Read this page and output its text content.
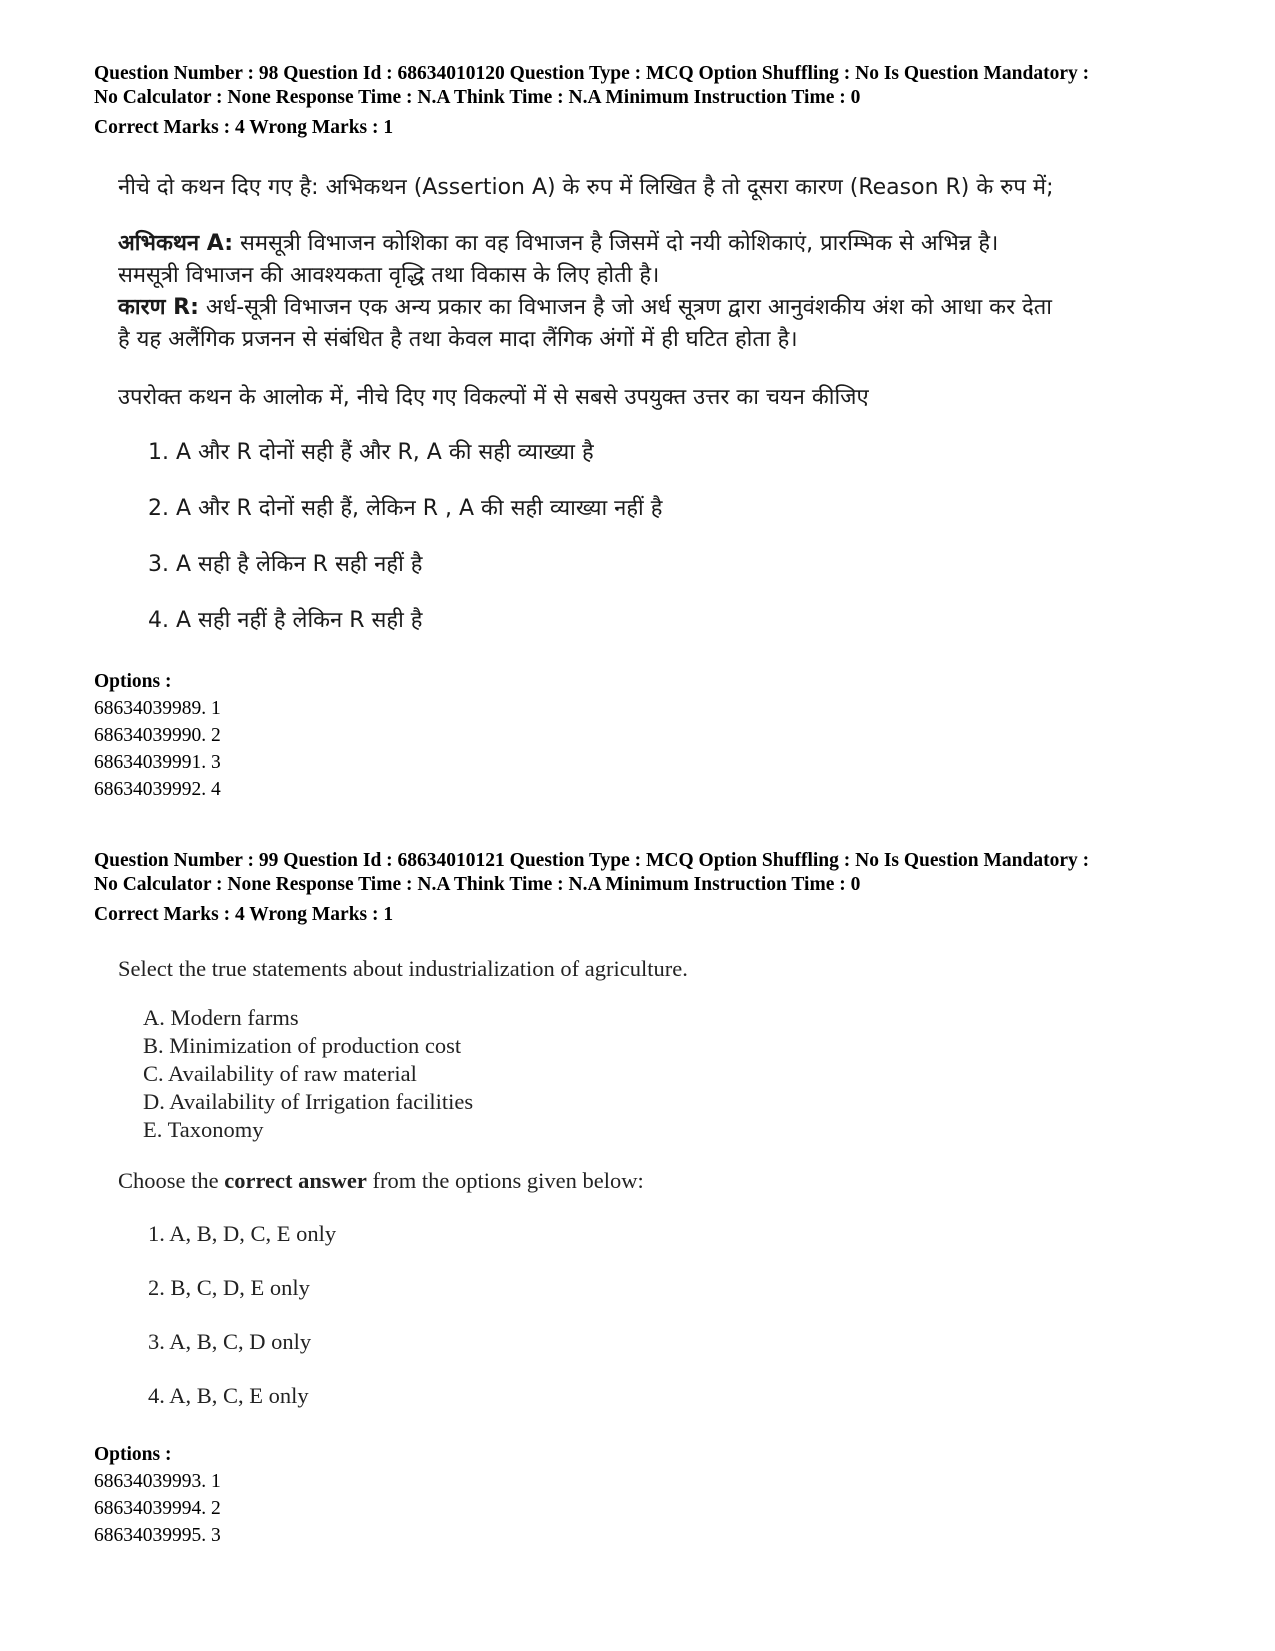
Question Number : 98 Question Id : 68634010120 Question Type : MCQ Option Shuffling : No Is Question Mandatory :
No Calculator : None Response Time : N.A Think Time : N.A Minimum Instruction Time : 0
Correct Marks : 4 Wrong Marks : 1
नीचे दो कथन दिए गए है: अभिकथन (Assertion A) के रुप में लिखित है तो दूसरा कारण (Reason R) के रुप में;
अभिकथन A: समसूत्री विभाजन कोशिका का वह विभाजन है जिसमें दो नयी कोशिकाएं, प्रारम्भिक से अभिन्न है।
समसूत्री विभाजन की आवश्यकता वृद्धि तथा विकास के लिए होती है।
कारण R: अर्ध-सूत्री विभाजन एक अन्य प्रकार का विभाजन है जो अर्ध सूत्रण द्वारा आनुवंशकीय अंश को आधा कर देता
है यह अलैंगिक प्रजनन से संबंधित है तथा केवल मादा लैंगिक अंगों में ही घटित होता है।
उपरोक्त कथन के आलोक में, नीचे दिए गए विकल्पों में से सबसे उपयुक्त उत्तर का चयन कीजिए
1. A और R दोनों सही हैं और R, A की सही व्याख्या है
2. A और R दोनों सही हैं, लेकिन R , A की सही व्याख्या नहीं है
3. A सही है लेकिन R सही नहीं है
4. A सही नहीं है लेकिन R सही है
Options :
68634039989. 1
68634039990. 2
68634039991. 3
68634039992. 4
Question Number : 99 Question Id : 68634010121 Question Type : MCQ Option Shuffling : No Is Question Mandatory :
No Calculator : None Response Time : N.A Think Time : N.A Minimum Instruction Time : 0
Correct Marks : 4 Wrong Marks : 1
Select the true statements about industrialization of agriculture.
A. Modern farms
B. Minimization of production cost
C. Availability of raw material
D. Availability of Irrigation facilities
E. Taxonomy
Choose the correct answer from the options given below:
1. A, B, D, C, E only
2. B, C, D, E only
3. A, B, C, D only
4. A, B, C, E only
Options :
68634039993. 1
68634039994. 2
68634039995. 3
